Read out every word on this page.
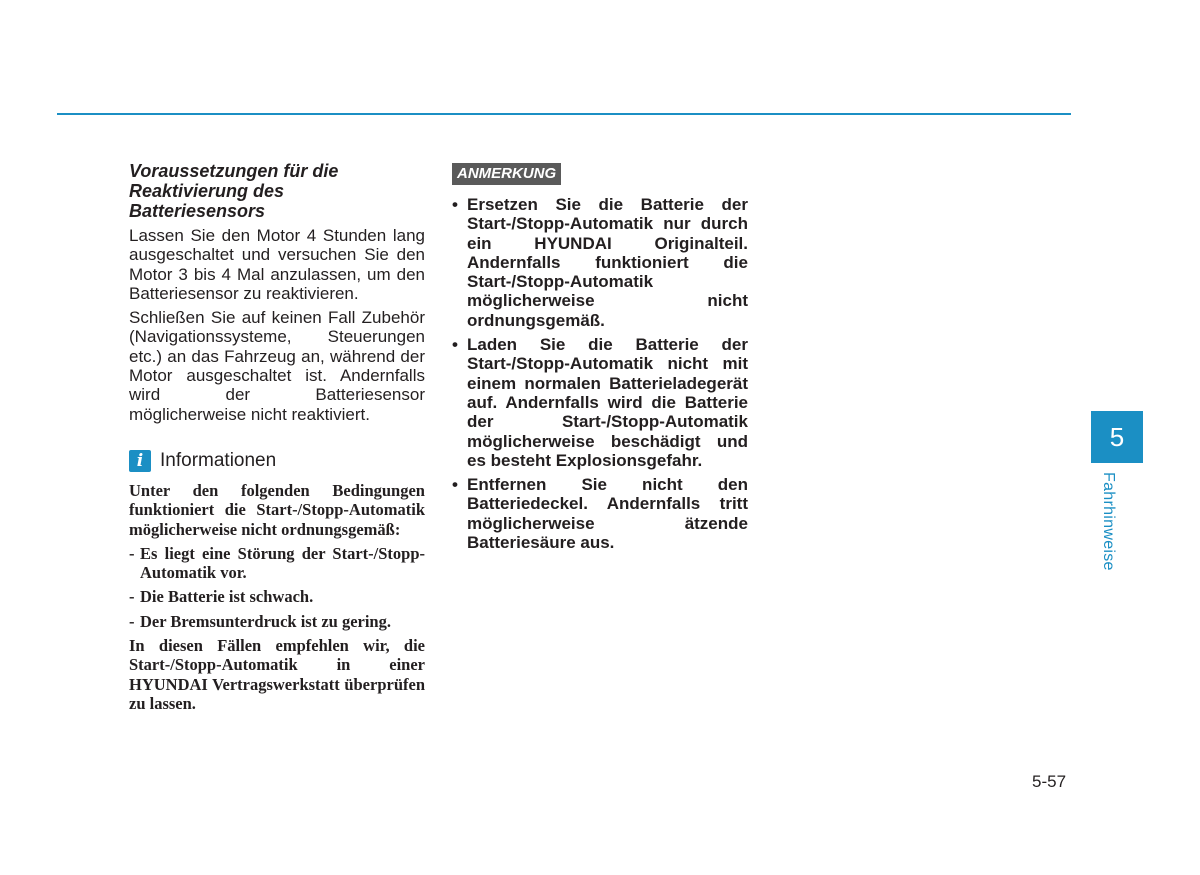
Voraussetzungen für die
Reaktivierung des
Batteriesensors

Lassen Sie den Motor 4 Stunden lang ausgeschaltet und versuchen Sie den Motor 3 bis 4 Mal anzulassen, um den Batteriesensor zu reaktivieren.

Schließen Sie auf keinen Fall Zubehör (Navigationssysteme, Steuerungen etc.) an das Fahrzeug an, während der Motor ausgeschaltet ist. Andernfalls wird der Batteriesensor möglicherweise nicht reaktiviert.

i Informationen

Unter den folgenden Bedingungen funktioniert die Start-/Stopp-Automatik möglicherweise nicht ordnungsgemäß:

- Es liegt eine Störung der Start-/Stopp-Automatik vor.
- Die Batterie ist schwach.
- Der Bremsunterdruck ist zu gering.

In diesen Fällen empfehlen wir, die Start-/Stopp-Automatik in einer HYUNDAI Vertragswerkstatt überprüfen zu lassen.

ANMERKUNG
• Ersetzen Sie die Batterie der Start-/Stopp-Automatik nur durch ein HYUNDAI Originalteil. Andernfalls funktioniert die Start-/Stopp-Automatik möglicherweise nicht ordnungsgemäß.
• Laden Sie die Batterie der Start-/Stopp-Automatik nicht mit einem normalen Batterieladegerät auf. Andernfalls wird die Batterie der Start-/Stopp-Automatik möglicherweise beschädigt und es besteht Explosionsgefahr.
• Entfernen Sie nicht den Batteriedeckel. Andernfalls tritt möglicherweise ätzende Batteriesäure aus.
5
Fahrhinweise
5-57
